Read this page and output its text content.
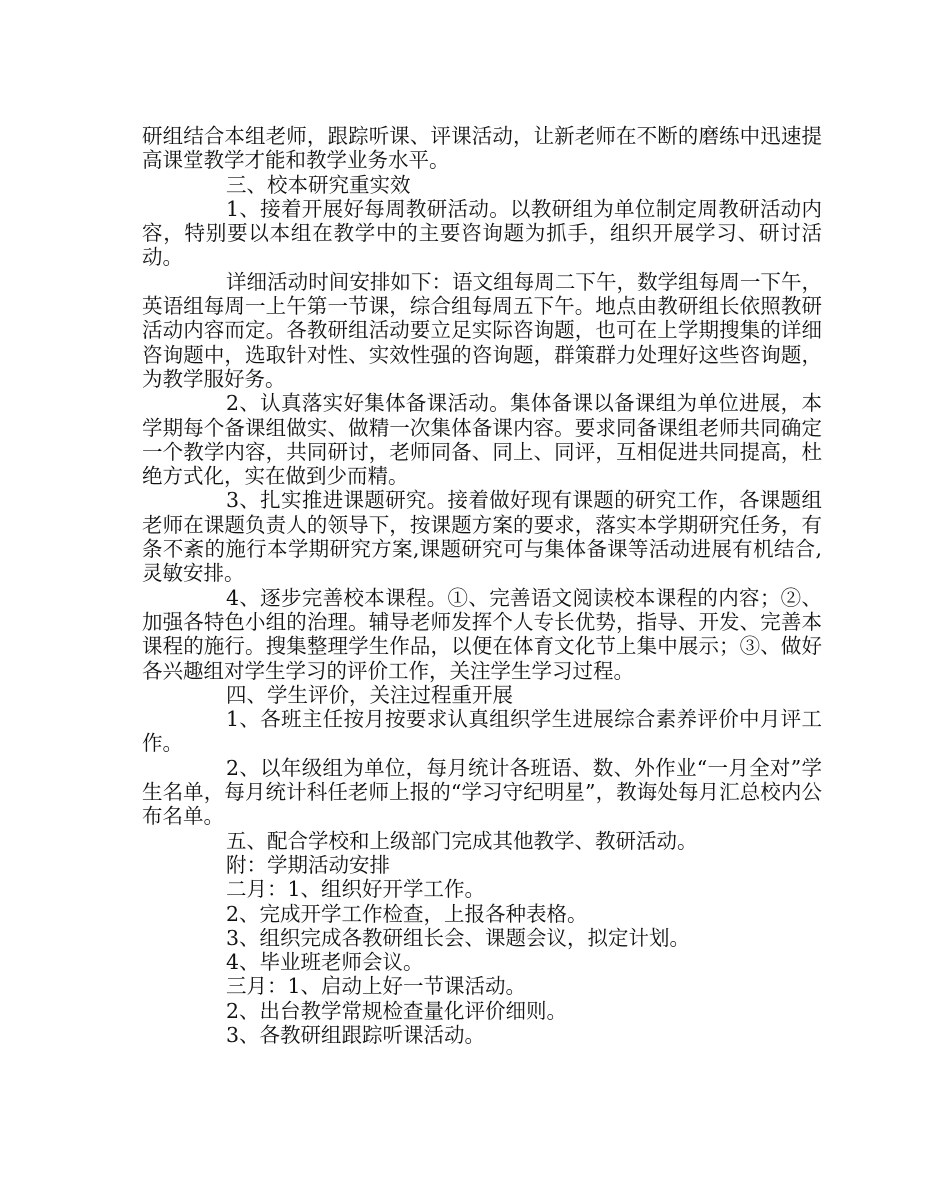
研组结合本组老师，跟踪听课、评课活动，让新老师在不断的磨练中迅速提高课堂教学才能和教学业务水平。

三、校本研究重实效

1、接着开展好每周教研活动。以教研组为单位制定周教研活动内容，特别要以本组在教学中的主要咨询题为抓手，组织开展学习、研讨活动。

详细活动时间安排如下：语文组每周二下午，数学组每周一下午，英语组每周一上午第一节课，综合组每周五下午。地点由教研组长依照教研活动内容而定。各教研组活动要立足实际咨询题，也可在上学期搜集的详细咨询题中，选取针对性、实效性强的咨询题，群策群力处理好这些咨询题，为教学服好务。

2、认真落实好集体备课活动。集体备课以备课组为单位进展，本学期每个备课组做实、做精一次集体备课内容。要求同备课组老师共同确定一个教学内容，共同研讨，老师同备、同上、同评，互相促进共同提高，杜绝方式化，实在做到少而精。

3、扎实推进课题研究。接着做好现有课题的研究工作，各课题组老师在课题负责人的领导下，按课题方案的要求，落实本学期研究任务，有条不紊的施行本学期研究方案,课题研究可与集体备课等活动进展有机结合,灵敏安排。

4、逐步完善校本课程。①、完善语文阅读校本课程的内容；②、加强各特色小组的治理。辅导老师发挥个人专长优势，指导、开发、完善本课程的施行。搜集整理学生作品，以便在体育文化节上集中展示；③、做好各兴趣组对学生学习的评价工作，关注学生学习过程。

四、学生评价，关注过程重开展

1、各班主任按月按要求认真组织学生进展综合素养评价中月评工作。

2、以年级组为单位，每月统计各班语、数、外作业“一月全对”学生名单，每月统计科任老师上报的“学习守纪明星”，教诲处每月汇总校内公布名单。

五、配合学校和上级部门完成其他教学、教研活动。

附：学期活动安排

二月：1、组织好开学工作。

2、完成开学工作检查，上报各种表格。

3、组织完成各教研组长会、课题会议，拟定计划。

4、毕业班老师会议。

三月：1、启动上好一节课活动。

2、出台教学常规检查量化评价细则。

3、各教研组跟踪听课活动。
